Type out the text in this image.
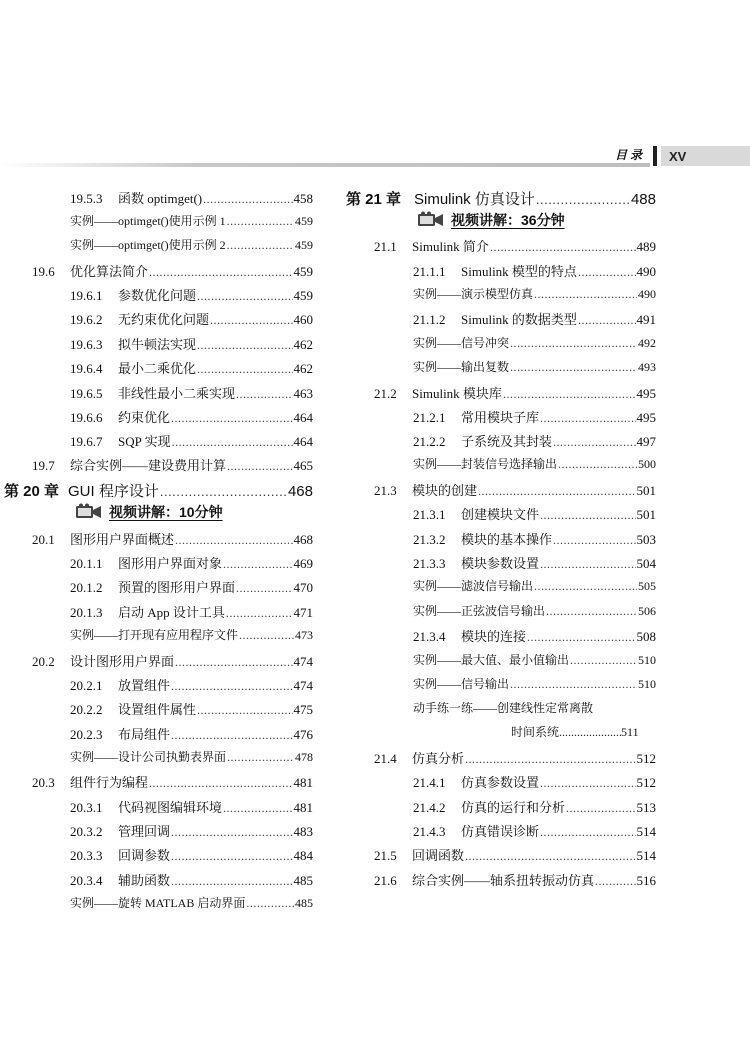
目录	XV
19.5.3	函数 optimget() .....	458
实例——optimget()使用示例 1 .....	459
实例——optimget()使用示例 2 .....	459
19.6	优化算法简介 .....	459
19.6.1	参数优化问题 .....	459
19.6.2	无约束优化问题 .....	460
19.6.3	拟牛顿法实现 .....	462
19.6.4	最小二乘优化 .....	462
19.6.5	非线性最小二乘实现 .....	463
19.6.6	约束优化 .....	464
19.6.7	SQP 实现 .....	464
19.7	综合实例——建设费用计算 .....	465
第 20 章 GUI 程序设计 .....	468
视频讲解：10分钟
20.1	图形用户界面概述 .....	468
20.1.1	图形用户界面对象 .....	469
20.1.2	预置的图形用户界面 .....	470
20.1.3	启动 App 设计工具 .....	471
实例——打开现有应用程序文件 .....	473
20.2	设计图形用户界面 .....	474
20.2.1	放置组件 .....	474
20.2.2	设置组件属性 .....	475
20.2.3	布局组件 .....	476
实例——设计公司执勤表界面 .....	478
20.3	组件行为编程 .....	481
20.3.1	代码视图编辑环境 .....	481
20.3.2	管理回调 .....	483
20.3.3	回调参数 .....	484
20.3.4	辅助函数 .....	485
实例——旋转 MATLAB 启动界面 .....	485
第 21 章 Simulink 仿真设计 .....	488
视频讲解：36分钟
21.1	Simulink 简介 .....	489
21.1.1	Simulink 模型的特点 .....	490
实例——演示模型仿真 .....	490
21.1.2	Simulink 的数据类型 .....	491
实例——信号冲突 .....	492
实例——输出复数 .....	493
21.2	Simulink 模块库 .....	495
21.2.1	常用模块子库 .....	495
21.2.2	子系统及其封装 .....	497
实例——封装信号选择输出 .....	500
21.3	模块的创建 .....	501
21.3.1	创建模块文件 .....	501
21.3.2	模块的基本操作 .....	503
21.3.3	模块参数设置 .....	504
实例——滤波信号输出 .....	505
实例——正弦波信号输出 .....	506
21.3.4	模块的连接 .....	508
实例——最大值、最小值输出 .....	510
实例——信号输出 .....	510
动手练一练——创建线性定常离散
时间系统 .....	511
21.4	仿真分析 .....	512
21.4.1	仿真参数设置 .....	512
21.4.2	仿真的运行和分析 .....	513
21.4.3	仿真错误诊断 .....	514
21.5	回调函数 .....	514
21.6	综合实例——轴系扭转振动仿真 .....	516
